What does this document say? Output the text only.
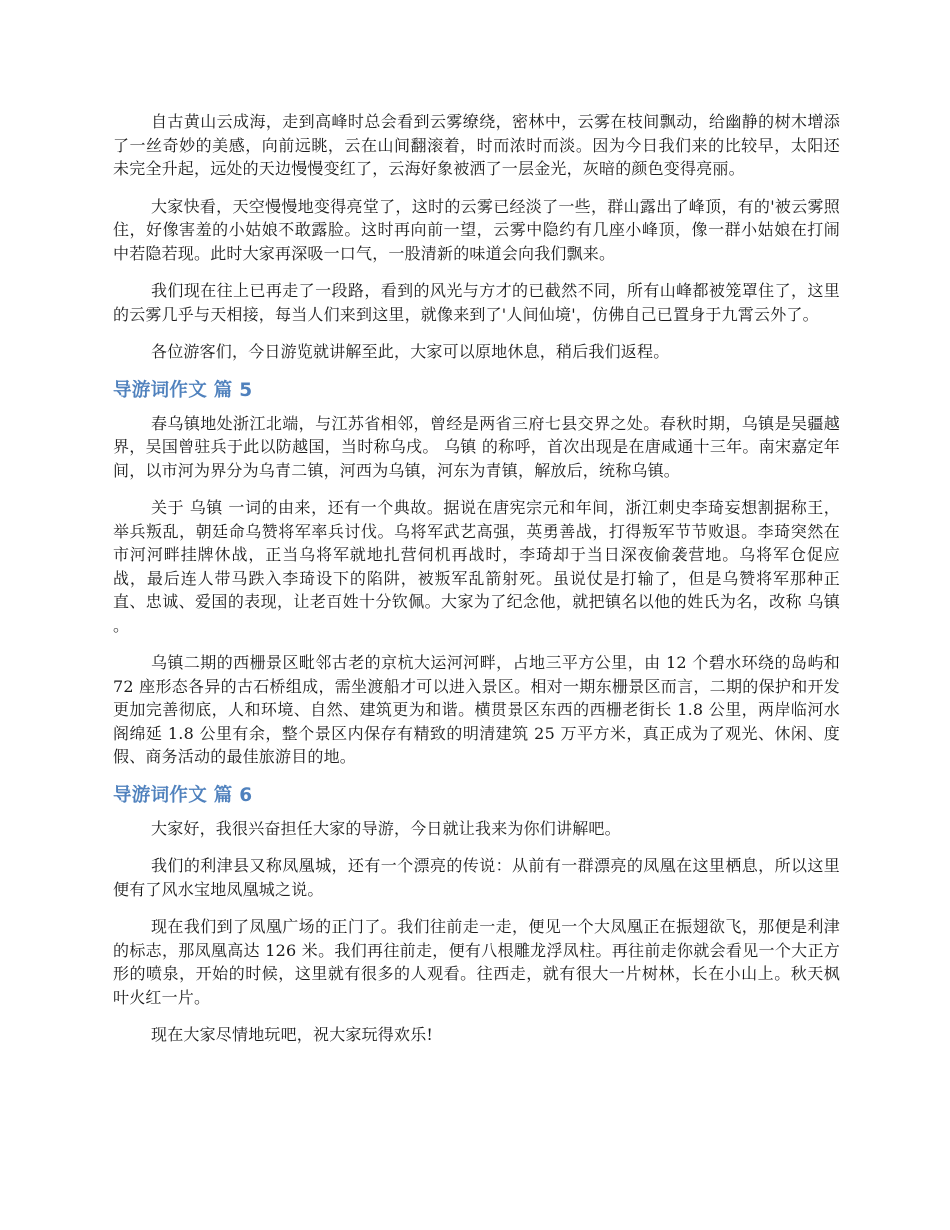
自古黄山云成海，走到高峰时总会看到云雾缭绕，密林中，云雾在枝间飘动，给幽静的树木增添了一丝奇妙的美感，向前远眺，云在山间翻滚着，时而浓时而淡。因为今日我们来的比较早，太阳还未完全升起，远处的天边慢慢变红了，云海好象被洒了一层金光，灰暗的颜色变得亮丽。

大家快看，天空慢慢地变得亮堂了，这时的云雾已经淡了一些，群山露出了峰顶，有的'被云雾照住，好像害羞的小姑娘不敢露脸。这时再向前一望，云雾中隐约有几座小峰顶，像一群小姑娘在打闹中若隐若现。此时大家再深吸一口气，一股清新的味道会向我们飘来。

我们现在往上已再走了一段路，看到的风光与方才的已截然不同，所有山峰都被笼罩住了，这里的云雾几乎与天相接，每当人们来到这里，就像来到了'人间仙境'，仿佛自己已置身于九霄云外了。

各位游客们，今日游览就讲解至此，大家可以原地休息，稍后我们返程。

导游词作文 篇 5

春乌镇地处浙江北端，与江苏省相邻，曾经是两省三府七县交界之处。春秋时期，乌镇是吴疆越界，吴国曾驻兵于此以防越国，当时称乌戌。 乌镇 的称呼，首次出现是在唐咸通十三年。南宋嘉定年间，以市河为界分为乌青二镇，河西为乌镇，河东为青镇，解放后，统称乌镇。

关于 乌镇 一词的由来，还有一个典故。据说在唐宪宗元和年间，浙江刺史李琦妄想割据称王，举兵叛乱，朝廷命乌赞将军率兵讨伐。乌将军武艺高强，英勇善战，打得叛军节节败退。李琦突然在市河河畔挂牌休战，正当乌将军就地扎营伺机再战时，李琦却于当日深夜偷袭营地。乌将军仓促应战，最后连人带马跌入李琦设下的陷阱，被叛军乱箭射死。虽说仗是打输了，但是乌赞将军那种正直、忠诚、爱国的表现，让老百姓十分钦佩。大家为了纪念他，就把镇名以他的姓氏为名，改称 乌镇 。

乌镇二期的西栅景区毗邻古老的京杭大运河河畔，占地三平方公里，由 12 个碧水环绕的岛屿和 72 座形态各异的古石桥组成，需坐渡船才可以进入景区。相对一期东栅景区而言，二期的保护和开发更加完善彻底，人和环境、自然、建筑更为和谐。横贯景区东西的西栅老街长 1.8 公里，两岸临河水阁绵延 1.8 公里有余，整个景区内保存有精致的明清建筑 25 万平方米，真正成为了观光、休闲、度假、商务活动的最佳旅游目的地。

导游词作文 篇 6

大家好，我很兴奋担任大家的导游，今日就让我来为你们讲解吧。

我们的利津县又称凤凰城，还有一个漂亮的传说：从前有一群漂亮的凤凰在这里栖息，所以这里便有了风水宝地凤凰城之说。

现在我们到了凤凰广场的正门了。我们往前走一走，便见一个大凤凰正在振翅欲飞，那便是利津的标志，那凤凰高达 126 米。我们再往前走，便有八根雕龙浮凤柱。再往前走你就会看见一个大正方形的喷泉，开始的时候，这里就有很多的人观看。往西走，就有很大一片树林，长在小山上。秋天枫叶火红一片。

现在大家尽情地玩吧，祝大家玩得欢乐!
